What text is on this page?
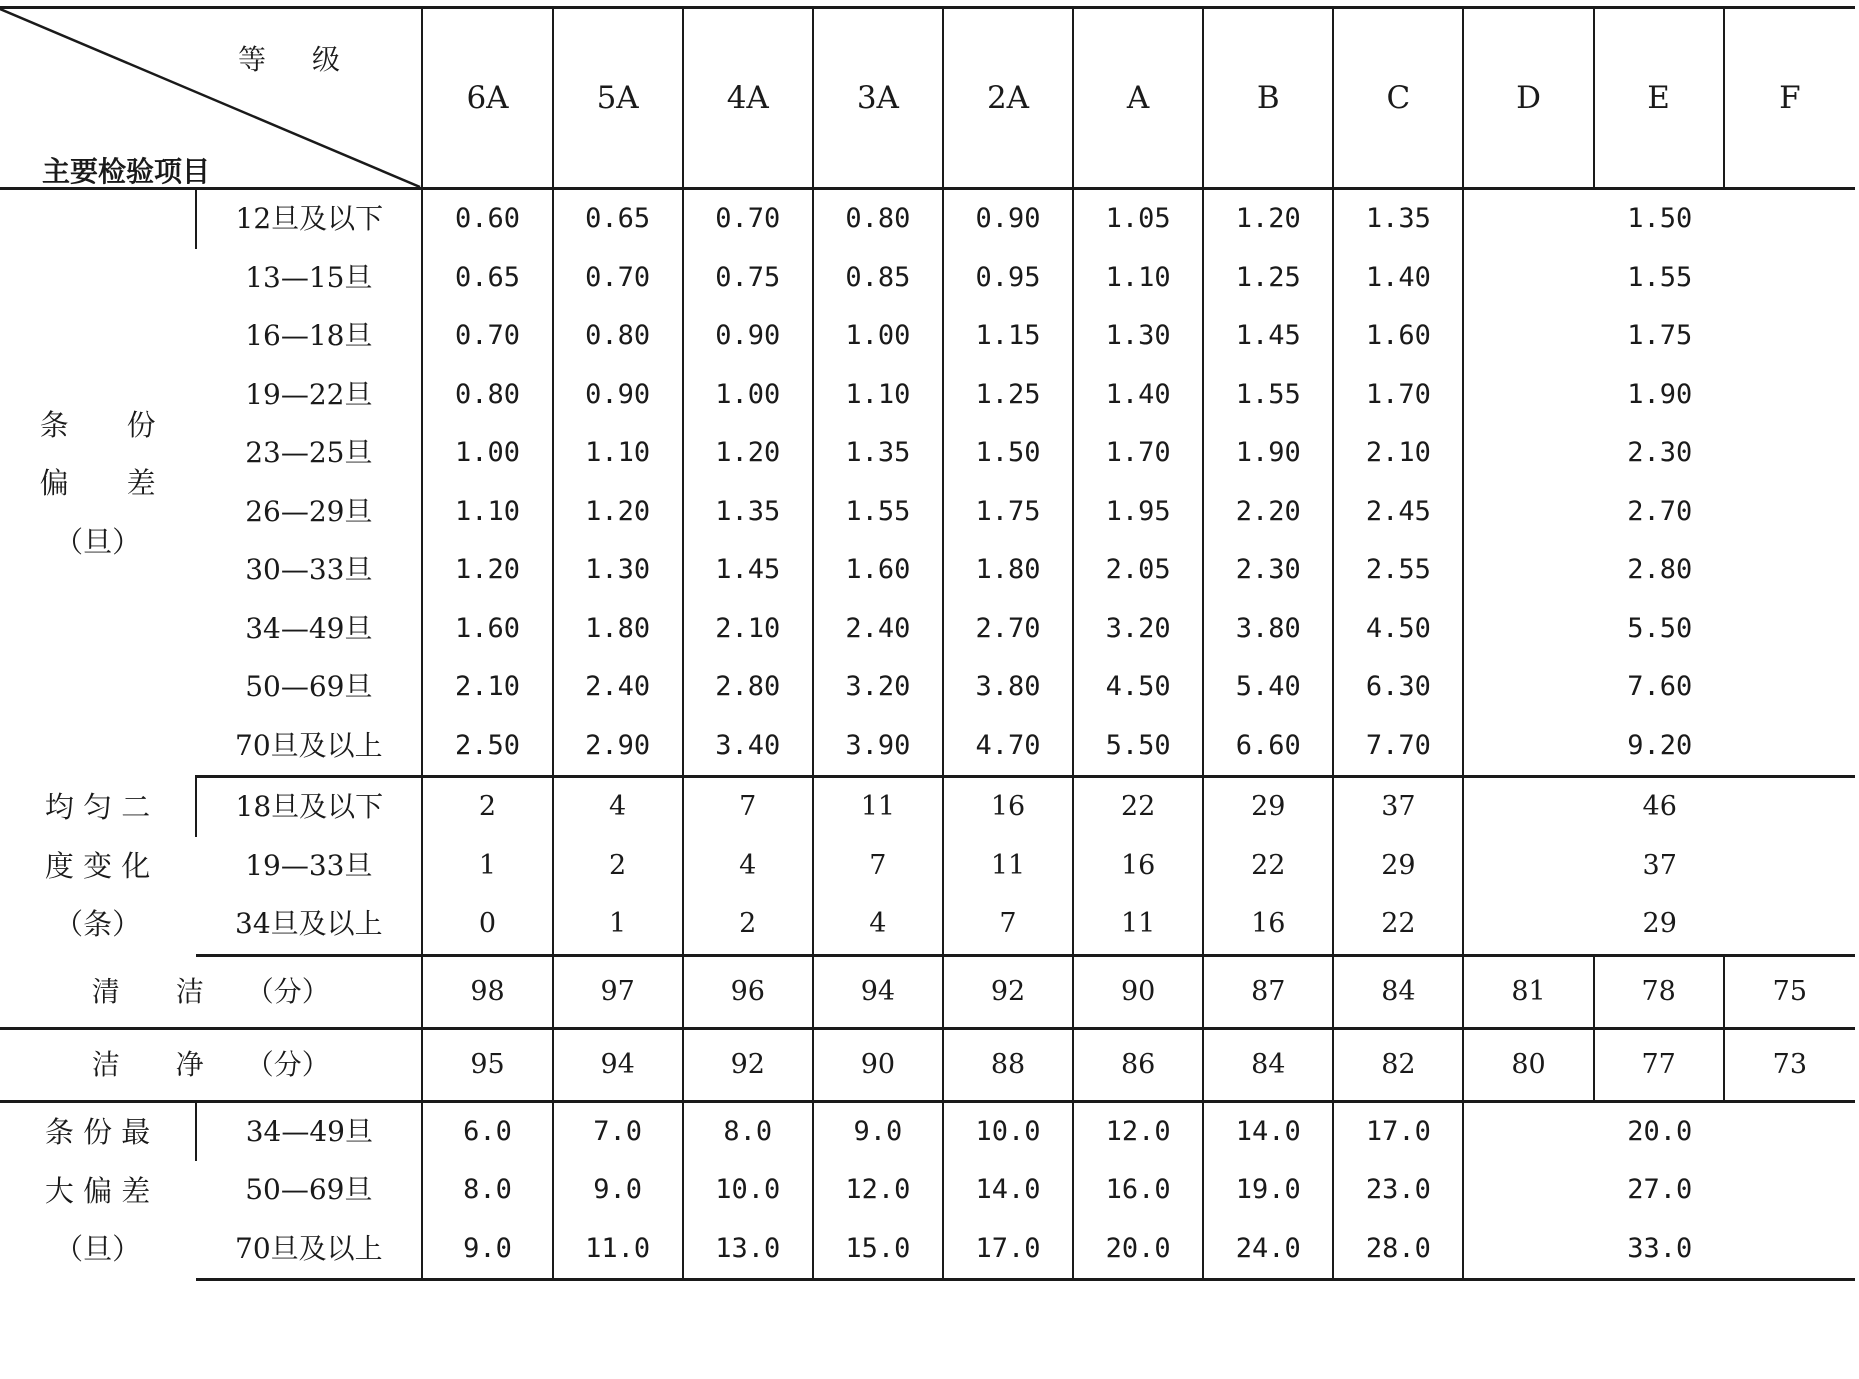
等 级
主要检验项目		6A	5A	4A	3A	2A	A	B	C	D	E	F

条　　份
偏　　差
（旦）	12旦及以下	0.60	0.65	0.70	0.80	0.90	1.05	1.20	1.35	1.50		
	13—15旦	0.65	0.70	0.75	0.85	0.95	1.10	1.25	1.40	1.55		
	16—18旦	0.70	0.80	0.90	1.00	1.15	1.30	1.45	1.60	1.75		
	19—22旦	0.80	0.90	1.00	1.10	1.25	1.40	1.55	1.70	1.90		
	23—25旦	1.00	1.10	1.20	1.35	1.50	1.70	1.90	2.10	2.30		
	26—29旦	1.10	1.20	1.35	1.55	1.75	1.95	2.20	2.45	2.70		
	30—33旦	1.20	1.30	1.45	1.60	1.80	2.05	2.30	2.55	2.80		
	34—49旦	1.60	1.80	2.10	2.40	2.70	3.20	3.80	4.50	5.50		
	50—69旦	2.10	2.40	2.80	3.20	3.80	4.50	5.40	6.30	7.60		
	70旦及以上	2.50	2.90	3.40	3.90	4.70	5.50	6.60	7.70	9.20		

均 匀 二
度 变 化
（条）	18旦及以下	2	4	7	11	16	22	29	37	46		
	19—33旦	1	2	4	7	11	16	22	29	37		
	34旦及以上	0	1	2	4	7	11	16	22	29		
清　　洁　　（分）		98	97	96	94	92	90	87	84	81	78	75
洁　　净　　（分）		95	94	92	90	88	86	84	82	80	77	73

条 份 最
大 偏 差
（旦）	34—49旦	6.0	7.0	8.0	9.0	10.0	12.0	14.0	17.0	20.0		
	50—69旦	8.0	9.0	10.0	12.0	14.0	16.0	19.0	23.0	27.0		
	70旦及以上	9.0	11.0	13.0	15.0	17.0	20.0	24.0	28.0	33.0		
